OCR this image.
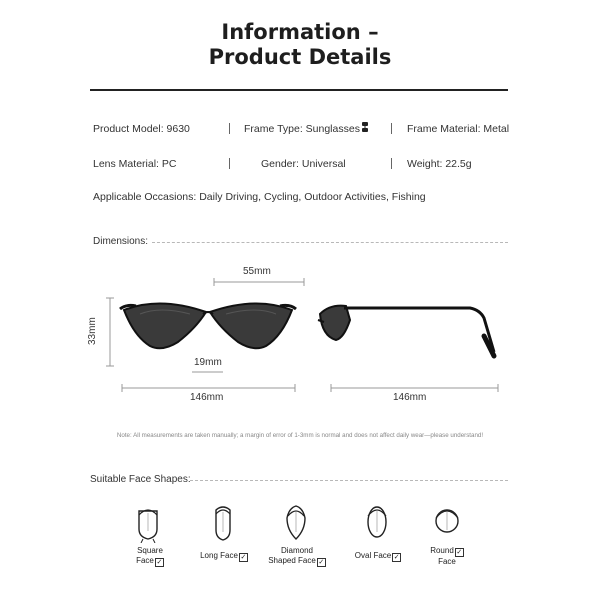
Information –
Product Details
Product Model: 9630	Frame Type: Sunglasses	Frame Material: Metal
Lens Material: PC	Gender: Universal	Weight: 22.5g
Applicable Occasions: Daily Driving, Cycling, Outdoor Activities, Fishing
Dimensions:
55mm
33mm
19mm
146mm	146mm
Note: All measurements are taken manually; a margin of error of 1-3mm is normal and does not affect daily wear—please understand!
Suitable Face Shapes:
Square
Face ✓
Long Face ✓
Diamond
Shaped Face ✓
Oval Face ✓
Round ✓
Face
